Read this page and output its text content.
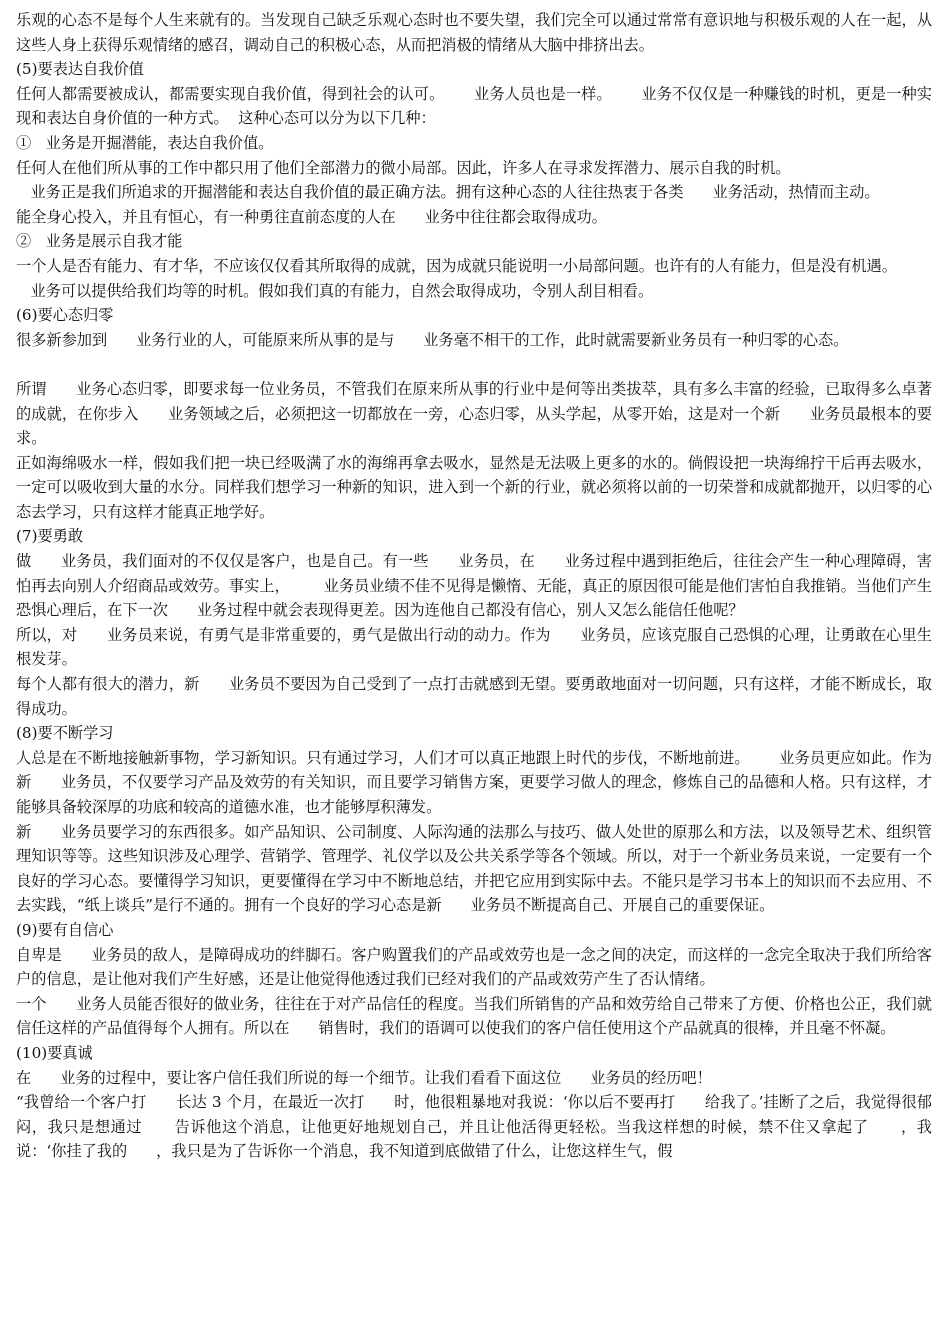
乐观的心态不是每个人生来就有的。当发现自己缺乏乐观心态时也不要失望，我们完全可以通过常常有意识地与积极乐观的人在一起，从这些人身上获得乐观情绪的感召，调动自己的积极心态，从而把消极的情绪从大脑中排挤出去。
(5)要表达自我价值
任何人都需要被成认，都需要实现自我价值，得到社会的认可。      业务人员也是一样。      业务不仅仅是一种赚钱的时机，更是一种实现和表达自身价值的一种方式。  这种心态可以分为以下几种：
①   业务是开掘潜能，表达自我价值。
任何人在他们所从事的工作中都只用了他们全部潜力的微小局部。因此，许多人在寻求发挥潜力、展示自我的时机。
业务正是我们所追求的开掘潜能和表达自我价值的最正确方法。拥有这种心态的人往往热衷于各类      业务活动，热情而主动。
能全身心投入，并且有恒心，有一种勇往直前态度的人在      业务中往往都会取得成功。
②   业务是展示自我才能
一个人是否有能力、有才华，不应该仅仅看其所取得的成就，因为成就只能说明一小局部问题。也许有的人有能力，但是没有机遇。
业务可以提供给我们均等的时机。假如我们真的有能力，自然会取得成功，令别人刮目相看。
(6)要心态归零
很多新参加到      业务行业的人，可能原来所从事的是与      业务毫不相干的工作，此时就需要新业务员有一种归零的心态。
所谓      业务心态归零，即要求每一位业务员，不管我们在原来所从事的行业中是何等出类拔萃，具有多么丰富的经验，已取得多么卓著的成就，在你步入      业务领域之后，必须把这一切都放在一旁，心态归零，从头学起，从零开始，这是对一个新      业务员最根本的要求。
正如海绵吸水一样，假如我们把一块已经吸满了水的海绵再拿去吸水，显然是无法吸上更多的水的。倘假设把一块海绵拧干后再去吸水，一定可以吸收到大量的水分。同样我们想学习一种新的知识，进入到一个新的行业，就必须将以前的一切荣誉和成就都抛开，以归零的心态去学习，只有这样才能真正地学好。
(7)要勇敢
做      业务员，我们面对的不仅仅是客户，也是自己。有一些      业务员，在      业务过程中遇到拒绝后，往往会产生一种心理障碍，害怕再去向别人介绍商品或效劳。事实上，       业务员业绩不佳不见得是懒惰、无能，真正的原因很可能是他们害怕自我推销。当他们产生恐惧心理后，在下一次      业务过程中就会表现得更差。因为连他自己都没有信心，别人又怎么能信任他呢？
所以，对      业务员来说，有勇气是非常重要的，勇气是做出行动的动力。作为      业务员，应该克服自己恐惧的心理，让勇敢在心里生根发芽。
每个人都有很大的潜力，新      业务员不要因为自己受到了一点打击就感到无望。要勇敢地面对一切问题，只有这样，才能不断成长，取得成功。
(8)要不断学习
人总是在不断地接触新事物，学习新知识。只有通过学习，人们才可以真正地跟上时代的步伐，不断地前进。      业务员更应如此。作为新      业务员，不仅要学习产品及效劳的有关知识，而且要学习销售方案，更要学习做人的理念，修炼自己的品德和人格。只有这样，才能够具备较深厚的功底和较高的道德水准，也才能够厚积薄发。
新      业务员要学习的东西很多。如产品知识、公司制度、人际沟通的法那么与技巧、做人处世的原那么和方法，以及领导艺术、组织管理知识等等。这些知识涉及心理学、营销学、管理学、礼仪学以及公共关系学等各个领域。所以，对于一个新业务员来说，一定要有一个良好的学习心态。要懂得学习知识，更要懂得在学习中不断地总结，并把它应用到实际中去。不能只是学习书本上的知识而不去应用、不去实践，“纸上谈兵”是行不通的。拥有一个良好的学习心态是新      业务员不断提高自己、开展自己的重要保证。
(9)要有自信心
自卑是      业务员的敌人，是障碍成功的绊脚石。客户购置我们的产品或效劳也是一念之间的决定，而这样的一念完全取决于我们所给客户的信息，是让他对我们产生好感，还是让他觉得他透过我们已经对我们的产品或效劳产生了否认情绪。
一个      业务人员能否很好的做业务，往往在于对产品信任的程度。当我们所销售的产品和效劳给自己带来了方便、价格也公正，我们就信任这样的产品值得每个人拥有。所以在      销售时，我们的语调可以使我们的客户信任使用这个产品就真的很棒，并且毫不怀凝。
(10)要真诚
在      业务的过程中，要让客户信任我们所说的每一个细节。让我们看看下面这位      业务员的经历吧！
“我曾给一个客户打      长达 3 个月，在最近一次打      时，他很粗暴地对我说：‘你以后不要再打      给我了。’挂断了之后，我觉得很郁闷，我只是想通过      告诉他这个消息，让他更好地规划自己，并且让他活得更轻松。当我这样想的时候，禁不住又拿起了      ，我说：‘你挂了我的      ，我只是为了告诉你一个消息，我不知道到底做错了什么，让您这样生气，假
